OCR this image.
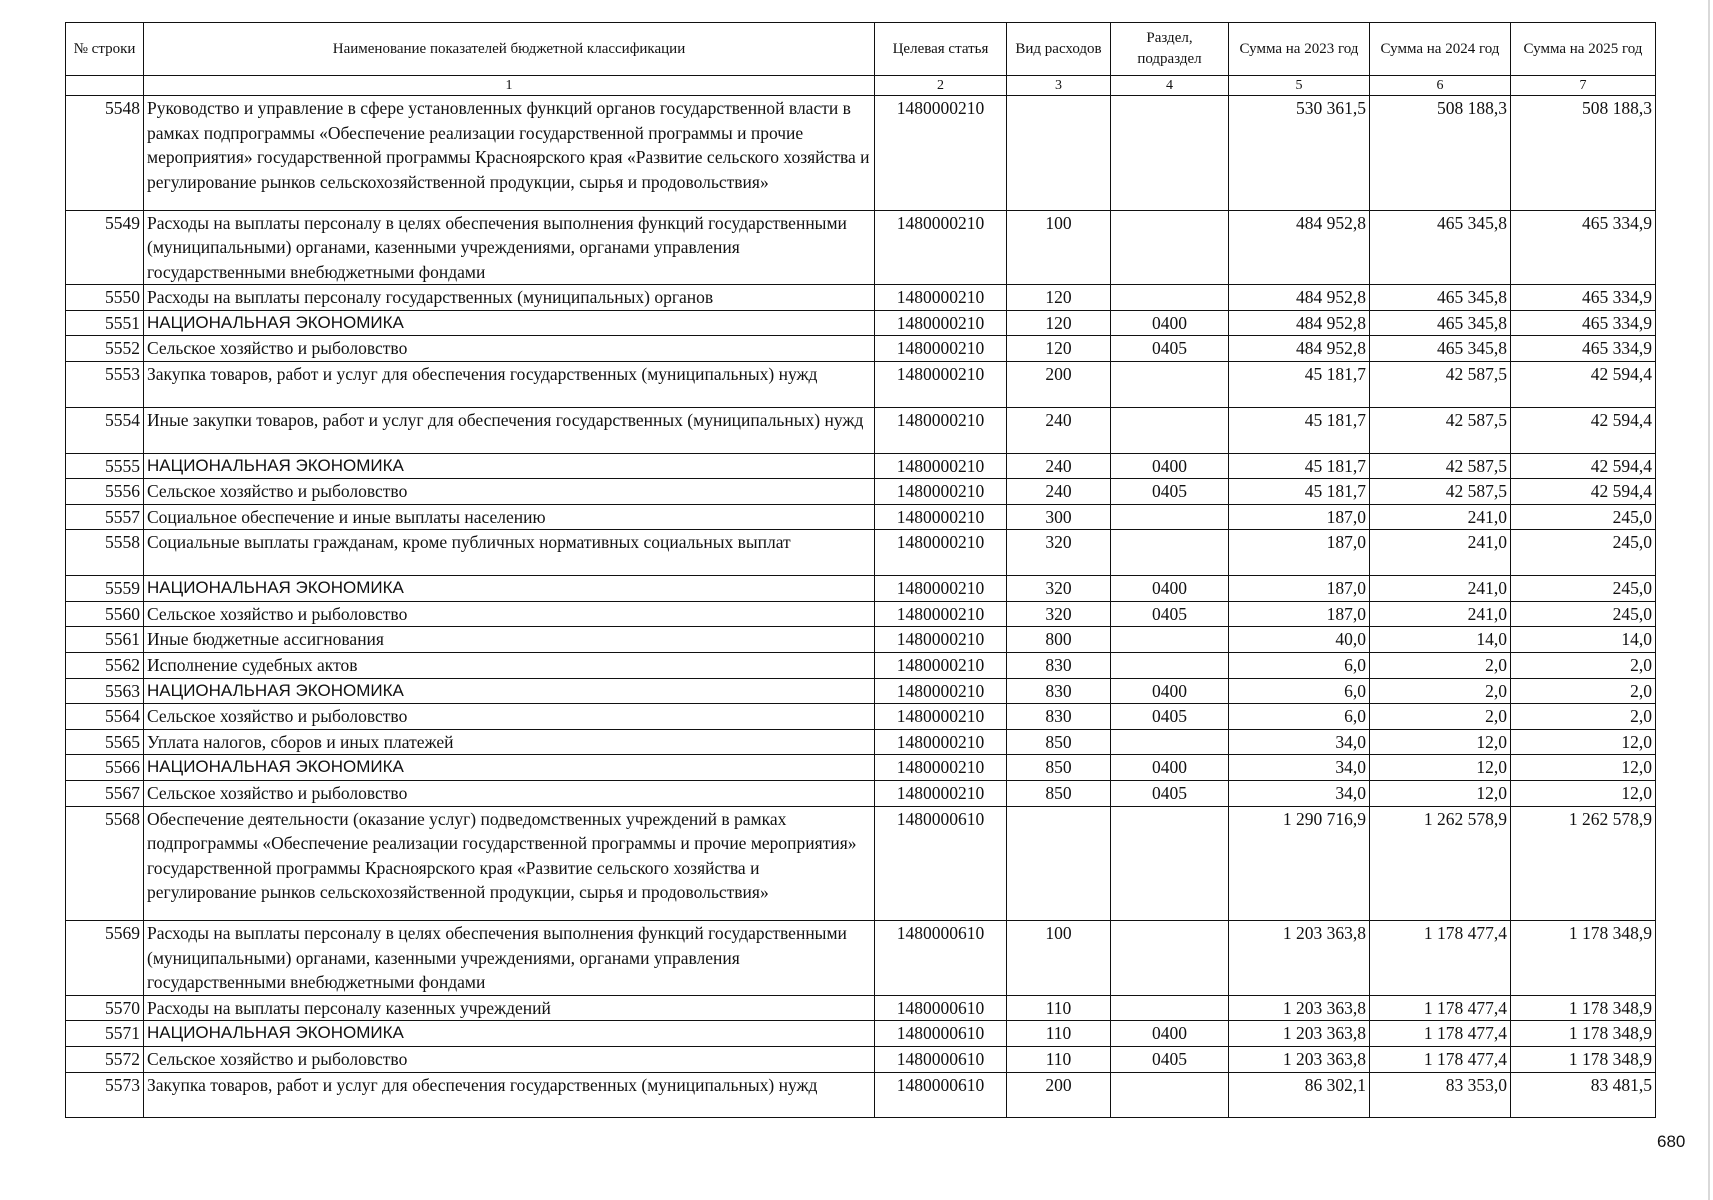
№ строки	Наименование показателей бюджетной классификации	Целевая статья	Вид расходов	Раздел, подраздел	Сумма на 2023 год	Сумма на 2024 год	Сумма на 2025 год
	1	2	3	4	5	6	7
5548	Руководство и управление в сфере установленных функций органов государственной власти в рамках подпрограммы «Обеспечение реализации государственной программы и прочие мероприятия» государственной программы Красноярского края «Развитие сельского хозяйства и регулирование рынков сельскохозяйственной продукции, сырья и продовольствия»	1480000210			530 361,5	508 188,3	508 188,3
5549	Расходы на выплаты персоналу в целях обеспечения выполнения функций государственными (муниципальными) органами, казенными учреждениями, органами управления государственными внебюджетными фондами	1480000210	100		484 952,8	465 345,8	465 334,9
5550	Расходы на выплаты персоналу государственных (муниципальных) органов	1480000210	120		484 952,8	465 345,8	465 334,9
5551	НАЦИОНАЛЬНАЯ ЭКОНОМИКА	1480000210	120	0400	484 952,8	465 345,8	465 334,9
5552	Сельское хозяйство и рыболовство	1480000210	120	0405	484 952,8	465 345,8	465 334,9
5553	Закупка товаров, работ и услуг для обеспечения государственных (муниципальных) нужд	1480000210	200		45 181,7	42 587,5	42 594,4
5554	Иные закупки товаров, работ и услуг для обеспечения государственных (муниципальных) нужд	1480000210	240		45 181,7	42 587,5	42 594,4
5555	НАЦИОНАЛЬНАЯ ЭКОНОМИКА	1480000210	240	0400	45 181,7	42 587,5	42 594,4
5556	Сельское хозяйство и рыболовство	1480000210	240	0405	45 181,7	42 587,5	42 594,4
5557	Социальное обеспечение и иные выплаты населению	1480000210	300		187,0	241,0	245,0
5558	Социальные выплаты гражданам, кроме публичных нормативных социальных выплат	1480000210	320		187,0	241,0	245,0
5559	НАЦИОНАЛЬНАЯ ЭКОНОМИКА	1480000210	320	0400	187,0	241,0	245,0
5560	Сельское хозяйство и рыболовство	1480000210	320	0405	187,0	241,0	245,0
5561	Иные бюджетные ассигнования	1480000210	800		40,0	14,0	14,0
5562	Исполнение судебных актов	1480000210	830		6,0	2,0	2,0
5563	НАЦИОНАЛЬНАЯ ЭКОНОМИКА	1480000210	830	0400	6,0	2,0	2,0
5564	Сельское хозяйство и рыболовство	1480000210	830	0405	6,0	2,0	2,0
5565	Уплата налогов, сборов и иных платежей	1480000210	850		34,0	12,0	12,0
5566	НАЦИОНАЛЬНАЯ ЭКОНОМИКА	1480000210	850	0400	34,0	12,0	12,0
5567	Сельское хозяйство и рыболовство	1480000210	850	0405	34,0	12,0	12,0
5568	Обеспечение деятельности (оказание услуг) подведомственных учреждений в рамках подпрограммы «Обеспечение реализации государственной программы и прочие мероприятия» государственной программы Красноярского края «Развитие сельского хозяйства и регулирование рынков сельскохозяйственной продукции, сырья и продовольствия»	1480000610			1 290 716,9	1 262 578,9	1 262 578,9
5569	Расходы на выплаты персоналу в целях обеспечения выполнения функций государственными (муниципальными) органами, казенными учреждениями, органами управления государственными внебюджетными фондами	1480000610	100		1 203 363,8	1 178 477,4	1 178 348,9
5570	Расходы на выплаты персоналу казенных учреждений	1480000610	110		1 203 363,8	1 178 477,4	1 178 348,9
5571	НАЦИОНАЛЬНАЯ ЭКОНОМИКА	1480000610	110	0400	1 203 363,8	1 178 477,4	1 178 348,9
5572	Сельское хозяйство и рыболовство	1480000610	110	0405	1 203 363,8	1 178 477,4	1 178 348,9
5573	Закупка товаров, работ и услуг для обеспечения государственных (муниципальных) нужд	1480000610	200		86 302,1	83 353,0	83 481,5
680
